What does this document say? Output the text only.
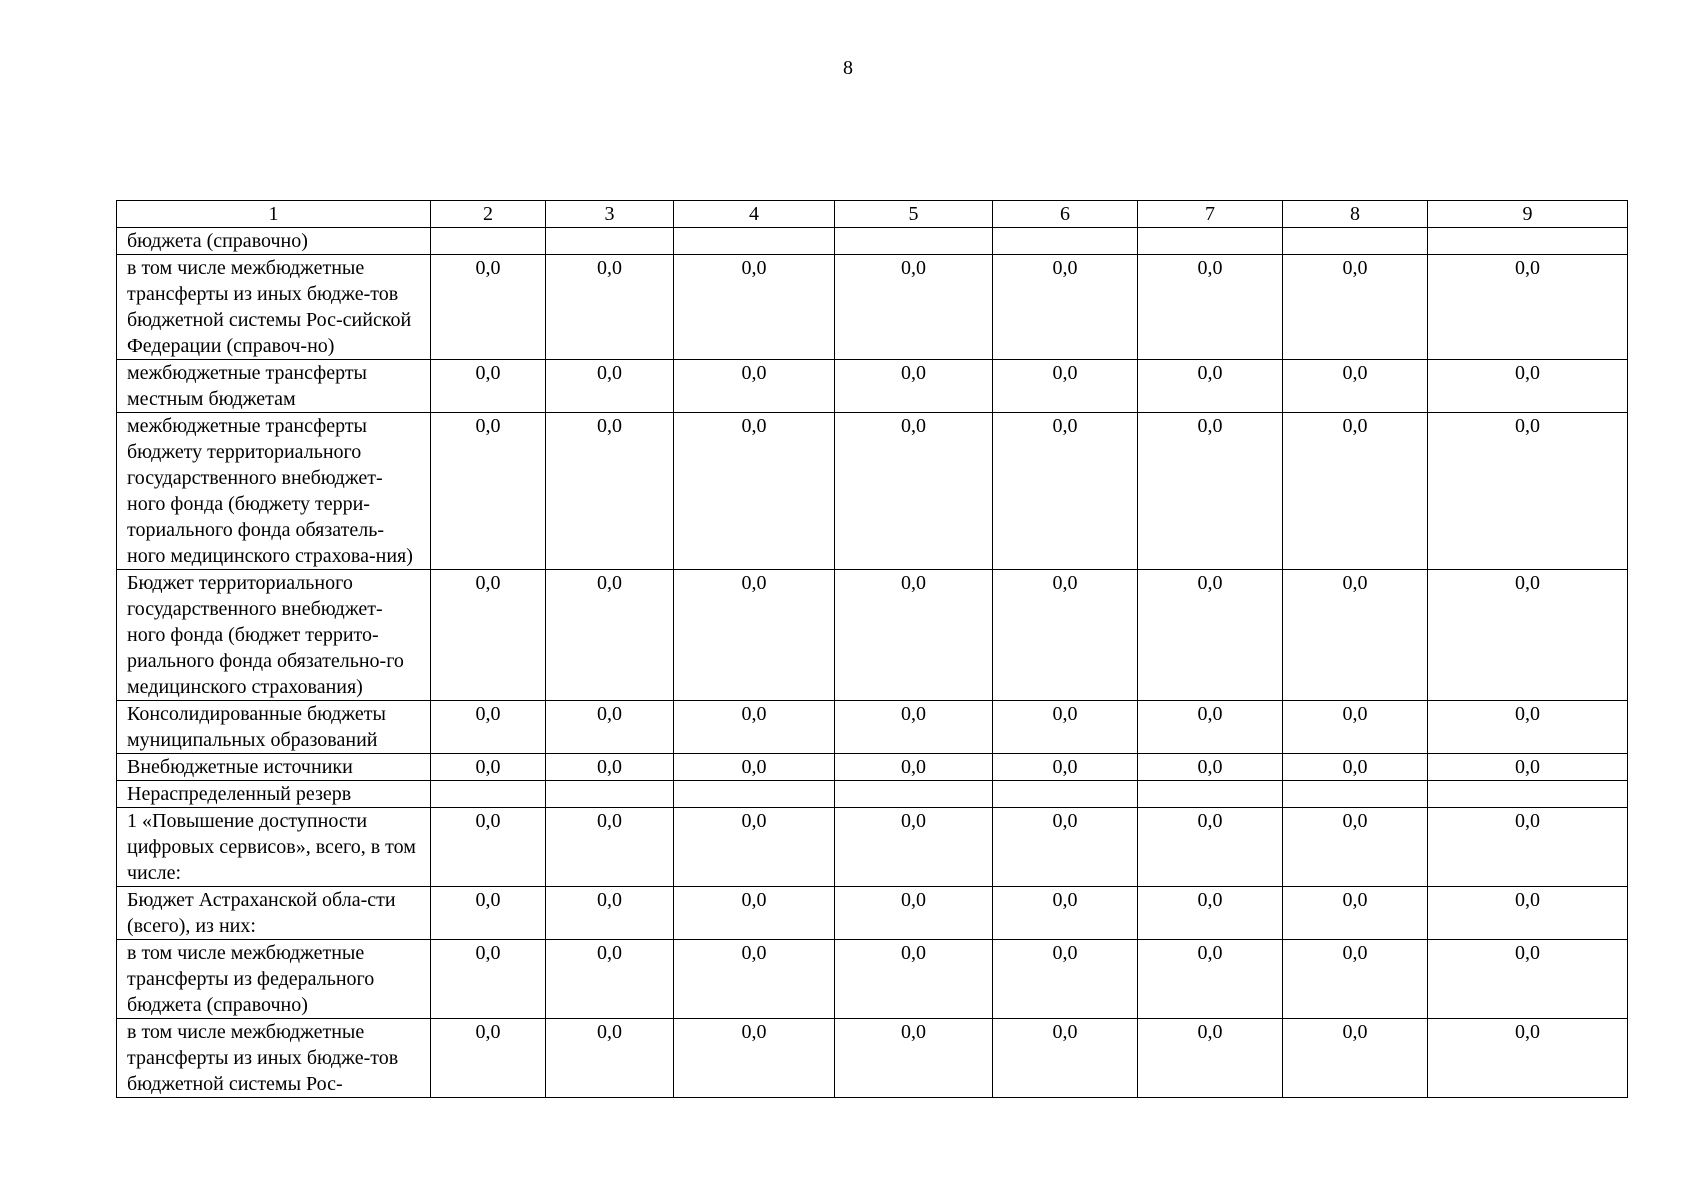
8
1	2	3	4	5	6	7	8	9
бюджета (справочно)								
в том числе межбюджетные трансферты из иных бюдже-тов бюджетной системы Рос-сийской Федерации (справоч-но)	0,0	0,0	0,0	0,0	0,0	0,0	0,0	0,0
межбюджетные трансферты местным бюджетам	0,0	0,0	0,0	0,0	0,0	0,0	0,0	0,0
межбюджетные трансферты бюджету территориального государственного внебюджет-ного фонда (бюджету терри-ториального фонда обязатель-ного медицинского страхова-ния)	0,0	0,0	0,0	0,0	0,0	0,0	0,0	0,0
Бюджет территориального государственного внебюджет-ного фонда (бюджет террито-риального фонда обязательно-го медицинского страхования)	0,0	0,0	0,0	0,0	0,0	0,0	0,0	0,0
Консолидированные бюджеты муниципальных образований	0,0	0,0	0,0	0,0	0,0	0,0	0,0	0,0
Внебюджетные источники	0,0	0,0	0,0	0,0	0,0	0,0	0,0	0,0
Нераспределенный резерв								
1 «Повышение доступности цифровых сервисов», всего, в том числе:	0,0	0,0	0,0	0,0	0,0	0,0	0,0	0,0
Бюджет Астраханской обла-сти (всего), из них:	0,0	0,0	0,0	0,0	0,0	0,0	0,0	0,0
в том числе межбюджетные трансферты из федерального бюджета (справочно)	0,0	0,0	0,0	0,0	0,0	0,0	0,0	0,0
в том числе межбюджетные трансферты из иных бюдже-тов бюджетной системы Рос-	0,0	0,0	0,0	0,0	0,0	0,0	0,0	0,0
